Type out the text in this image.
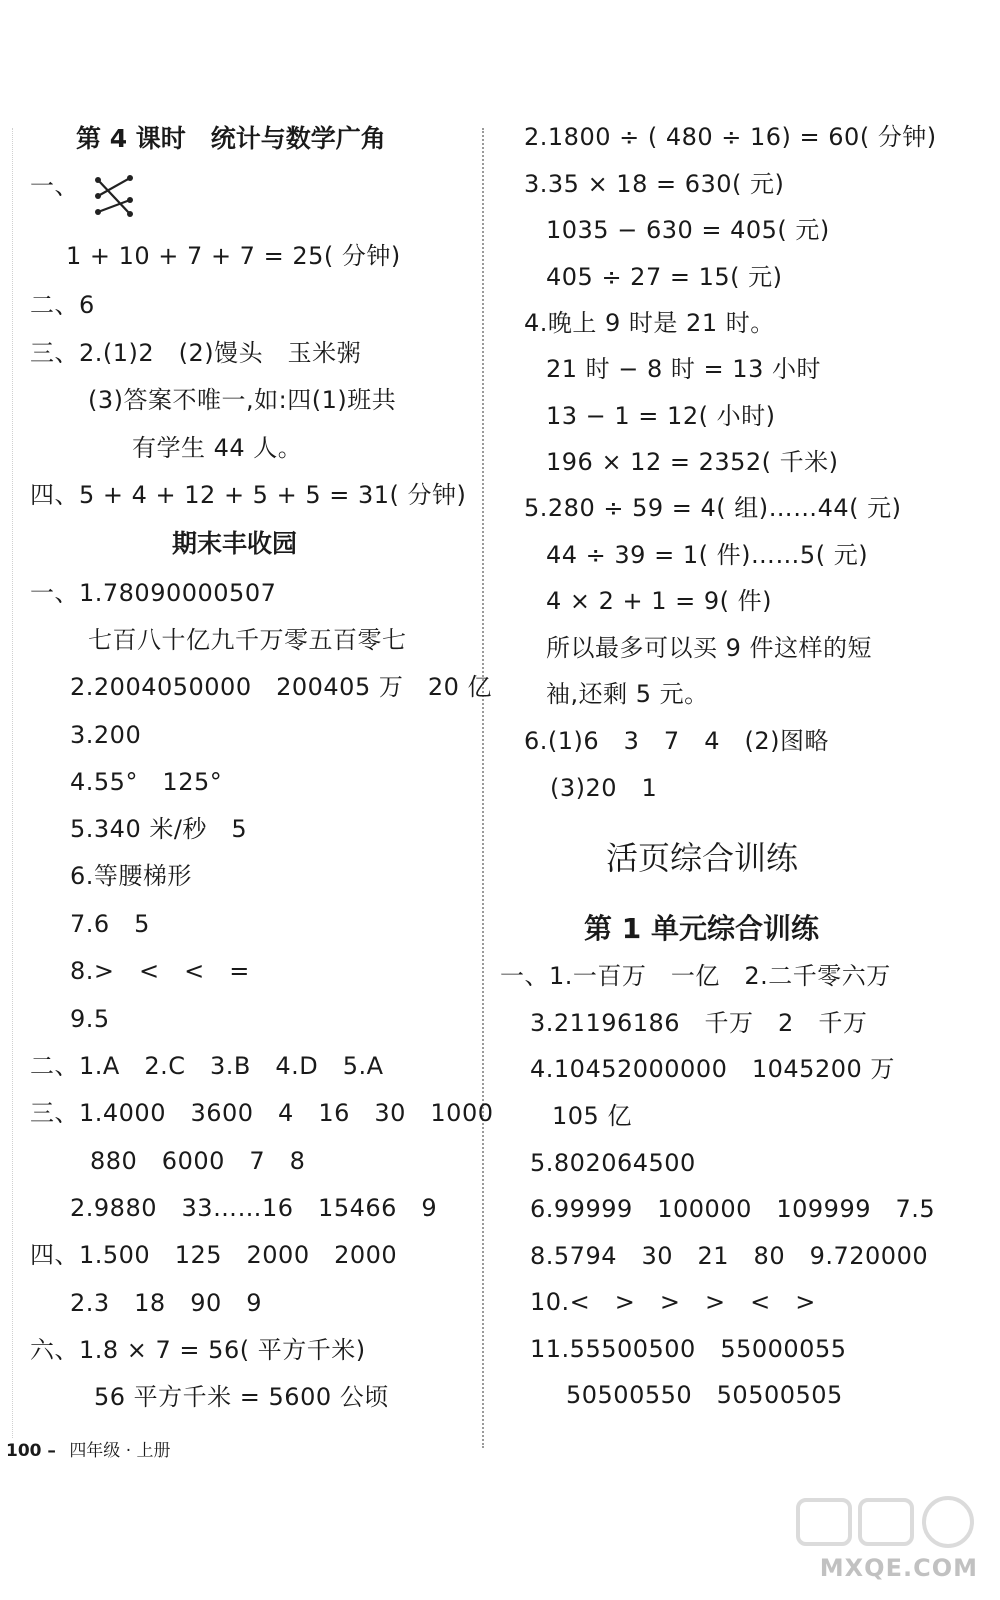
第 4 课时　统计与数学广角
一、
1 + 10 + 7 + 7 = 25( 分钟)
二、6
三、2.(1)2　(2)馒头　玉米粥
(3)答案不唯一,如:四(1)班共
有学生 44 人。
四、5 + 4 + 12 + 5 + 5 = 31( 分钟)
期末丰收园
一、1.78090000507
七百八十亿九千万零五百零七
2.2004050000　200405 万　20 亿
3.200
4.55°　125°
5.340 米/秒　5
6.等腰梯形
7.6　5
8.>　<　<　=
9.5
二、1.A　2.C　3.B　4.D　5.A
三、1.4000　3600　4　16　30　1000
880　6000　7　8
2.9880　33……16　15466　9
四、1.500　125　2000　2000
2.3　18　90　9
六、1.8 × 7 = 56( 平方千米)
56 平方千米 = 5600 公顷
2.1800 ÷ ( 480 ÷ 16) = 60( 分钟)
3.35 × 18 = 630( 元)
1035 − 630 = 405( 元)
405 ÷ 27 = 15( 元)
4.晚上 9 时是 21 时。
21 时 − 8 时 = 13 小时
13 − 1 = 12( 小时)
196 × 12 = 2352( 千米)
5.280 ÷ 59 = 4( 组)……44( 元)
44 ÷ 39 = 1( 件)……5( 元)
4 × 2 + 1 = 9( 件)
所以最多可以买 9 件这样的短
袖,还剩 5 元。
6.(1)6　3　7　4　(2)图略
(3)20　1
活页综合训练
第 1 单元综合训练
一、1.一百万　一亿　2.二千零六万
3.21196186　千万　2　千万
4.10452000000　1045200 万
105 亿
5.802064500
6.99999　100000　109999　7.5
8.5794　30　21　80　9.720000
10.<　>　>　>　<　>
11.55500500　55000055
50500550　50500505
100 – 四年级 · 上册
MXQE.COM
